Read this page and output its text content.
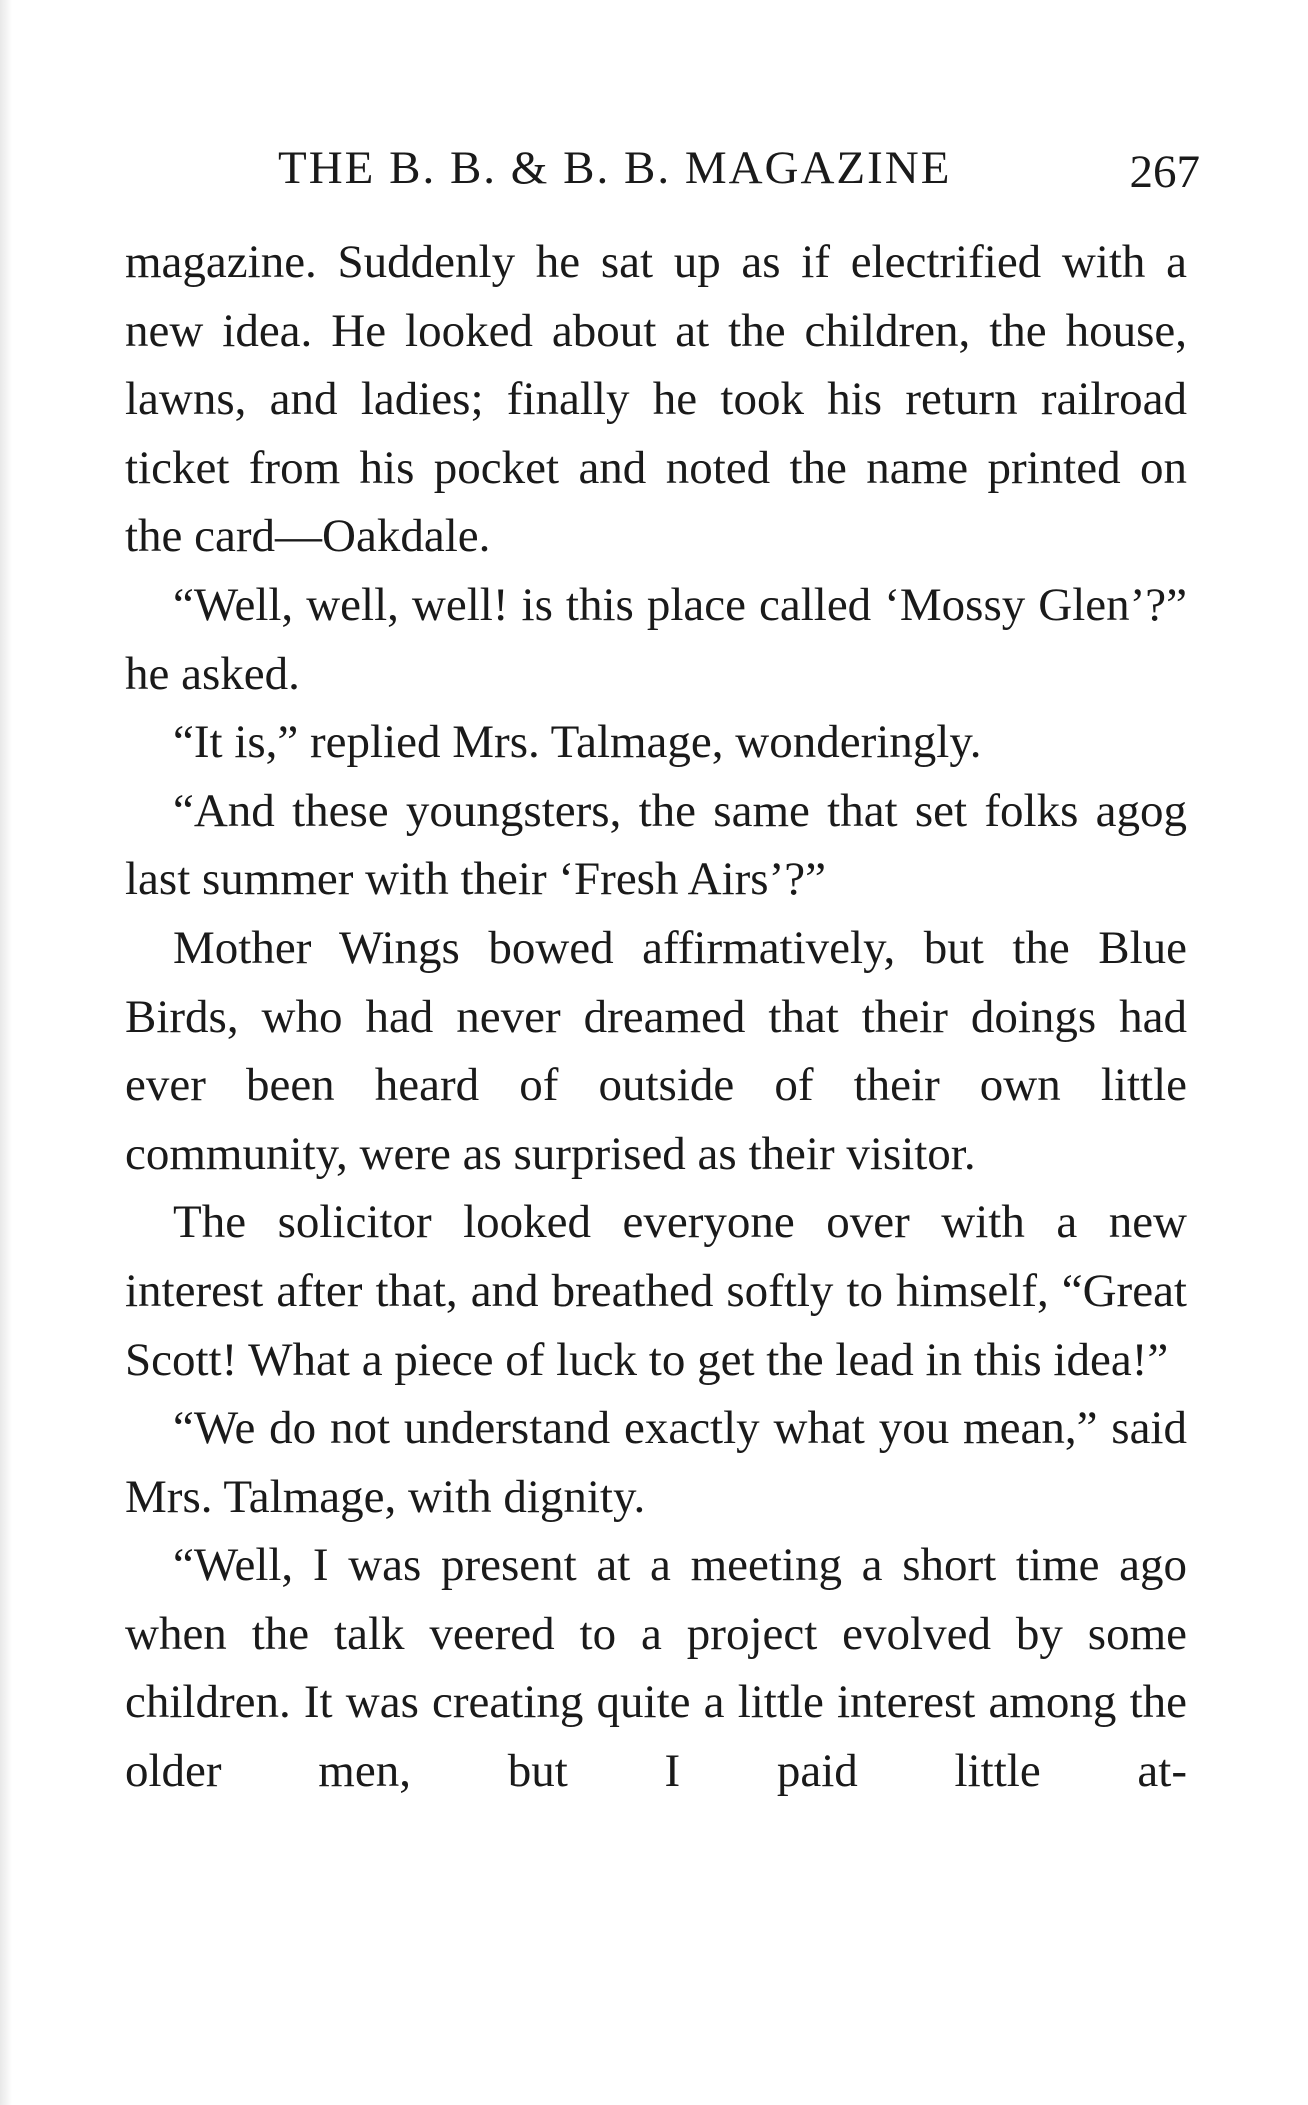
THE B. B. & B. B. MAGAZINE	267

magazine. Suddenly he sat up as if electrified with a new idea. He looked about at the children, the house, lawns, and ladies; finally he took his return railroad ticket from his pocket and noted the name printed on the card—Oakdale.

“Well, well, well! is this place called ‘Mossy Glen’?” he asked.

“It is,” replied Mrs. Talmage, wonderingly.

“And these youngsters, the same that set folks agog last summer with their ‘Fresh Airs’?”

Mother Wings bowed affirmatively, but the Blue Birds, who had never dreamed that their doings had ever been heard of outside of their own little community, were as surprised as their visitor.

The solicitor looked everyone over with a new interest after that, and breathed softly to himself, “Great Scott! What a piece of luck to get the lead in this idea!”

“We do not understand exactly what you mean,” said Mrs. Talmage, with dignity.

“Well, I was present at a meeting a short time ago when the talk veered to a project evolved by some children. It was creating quite a little interest among the older men, but I paid little at-
